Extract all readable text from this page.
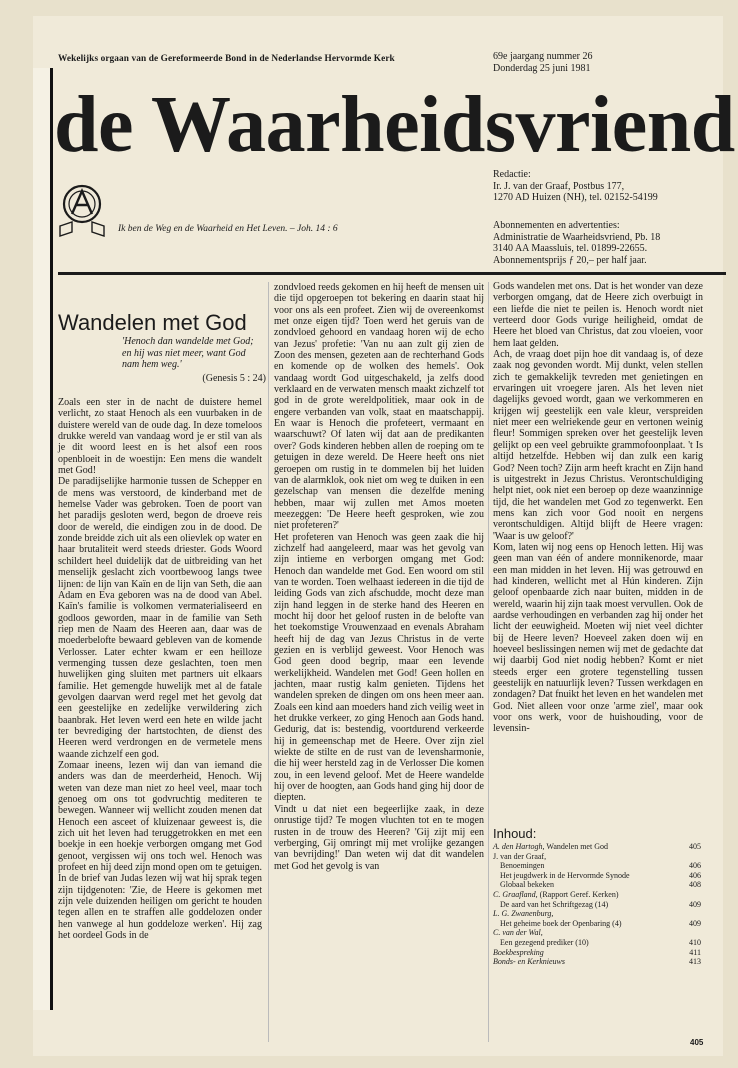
Wekelijks orgaan van de Gereformeerde Bond in de Nederlandse Hervormde Kerk	69e jaargang nummer 26
Donderdag 25 juni 1981
de Waarheidsvriend
Redactie:
Ir. J. van der Graaf, Postbus 177,
1270 AD Huizen (NH), tel. 02152-54199
Ik ben de Weg en de Waarheid en Het Leven. – Joh. 14 : 6	Abonnementen en advertenties:
Administratie de Waarheidsvriend, Pb. 18
3140 AA Maassluis, tel. 01899-22655.
Abonnementsprijs ƒ 20,– per half jaar.
Wandelen met God
'Henoch dan wandelde met God; en hij was niet meer, want God nam hem weg.'
(Genesis 5 : 24)

Zoals een ster in de nacht de duistere hemel verlicht, zo staat Henoch als een vuurbaken in de duistere wereld van de oude dag. In deze tomeloos drukke wereld van vandaag word je er stil van als je dit woord leest en is het alsof een roos openbloeit in de woestijn: Een mens die wandelt met God!

De paradijselijke harmonie tussen de Schepper en de mens was verstoord, de kinderband met de hemelse Vader was gebroken. Toen de poort van het paradijs gesloten werd, begon de droeve reis door de wereld, die eindigen zou in de dood. De zonde breidde zich uit als een olievlek op water en haar brutaliteit werd steeds driester. Gods Woord schildert heel duidelijk dat de uitbreiding van het menselijk geslacht zich voortbewoog langs twee lijnen: de lijn van Kaïn en de lijn van Seth, die aan Adam en Eva geboren was na de dood van Abel. Kaïn's familie is volkomen vermaterialiseerd en godloos geworden, maar in de familie van Seth riep men de Naam des Heeren aan, daar was de moederbelofte bewaard gebleven van de komende Verlosser. Later echter kwam er een heilloze vermenging tussen deze geslachten, toen men huwelijken ging sluiten met partners uit elkaars familie. Het gemengde huwelijk met al de fatale gevolgen daarvan werd regel met het gevolg dat een geestelijke en zedelijke verwildering zich baanbrak. Het leven werd een hete en wilde jacht ter bevrediging der hartstochten, de dienst des Heeren werd verdrongen en de vermetele mens waande zichzelf een god.

Zomaar ineens, lezen wij dan van iemand die anders was dan de meerderheid, Henoch. Wij weten van deze man niet zo heel veel, maar toch genoeg om ons tot godvruchtig mediteren te bewegen. Wanneer wij wellicht zouden menen dat Henoch een asceet of kluizenaar geweest is, die zich uit het leven had teruggetrokken en met een boekje in een hoekje verborgen omgang met God genoot, vergissen wij ons toch wel. Henoch was profeet en hij deed zijn mond open om te getuigen. In de brief van Judas lezen wij wat hij sprak tegen zijn tijdgenoten: 'Zie, de Heere is gekomen met zijn vele duizenden heiligen om gericht te houden tegen allen en te straffen alle goddelozen onder hen vanwege al hun goddeloze werken'. Hij zag het oordeel Gods in de

zondvloed reeds gekomen en hij heeft de mensen uit die tijd opgeroepen tot bekering en daarin staat hij voor ons als een profeet. Zien wij de overeenkomst met onze eigen tijd? Toen werd het geruis van de zondvloed gehoord en vandaag horen wij de echo van Jezus' profetie: 'Van nu aan zult gij zien de Zoon des mensen, gezeten aan de rechterhand Gods en komende op de wolken des hemels'. Ook vandaag wordt God uitgeschakeld, ja zelfs dood verklaard en de verwaten mensch maakt zichzelf tot god in de grote wereldpolitiek, maar ook in de engere verbanden van volk, staat en maatschappij. En waar is Henoch die profeteert, vermaant en waarschuwt? Of laten wij dat aan de predikanten over? Gods kinderen hebben allen de roeping om te getuigen in deze wereld. De Heere heeft ons niet geroepen om rustig in te dommelen bij het luiden van de alarmklok, ook niet om weg te duiken in een gezelschap van mensen die dezelfde mening hebben, maar wij zullen met Amos moeten meezeggen: 'De Heere heeft gesproken, wie zou niet profeteren?'

Het profeteren van Henoch was geen zaak die hij zichzelf had aangeleerd, maar was het gevolg van zijn intieme en verborgen omgang met God: Henoch dan wandelde met God. Een woord om stil van te worden. Toen welhaast iedereen in die tijd de leiding Gods van zich afschudde, mocht deze man zijn hand leggen in de sterke hand des Heeren en mocht hij door het geloof rusten in de belofte van het toekomstige Vrouwenzaad en evenals Abraham heeft hij de dag van Jezus Christus in de verte gezien en is verblijd geweest. Voor Henoch was God geen dood begrip, maar een levende werkelijkheid. Wandelen met God! Geen hollen en jachten, maar rustig kalm genieten. Tijdens het wandelen spreken de dingen om ons heen meer aan. Zoals een kind aan moeders hand zich veilig weet in het drukke verkeer, zo ging Henoch aan Gods hand. Gedurig, dat is: bestendig, voortdurend verkeerde hij in gemeenschap met de Heere. Over zijn ziel wiekte de stilte en de rust van de levensharmonie, die hij weer hersteld zag in de Verlosser Die komen zou, in een levend geloof. Met de Heere wandelde hij over de hoogten, aan Gods hand ging hij door de diepten.

Vindt u dat niet een begeerlijke zaak, in deze onrustige tijd? Te mogen vluchten tot en te mogen rusten in de trouw des Heeren? 'Gij zijt mij een verberging, Gij omringt mij met vrolijke gezangen van bevrijding!' Dan weten wij dat dit wandelen met God het gevolg is van

Gods wandelen met ons. Dat is het wonder van deze verborgen omgang, dat de Heere zich overbuigt in een liefde die niet te peilen is. Henoch wordt niet verteerd door Gods vurige heiligheid, omdat de Heere het bloed van Christus, dat zou vloeien, voor hem laat gelden.

Ach, de vraag doet pijn hoe dit vandaag is, of deze zaak nog gevonden wordt. Mij dunkt, velen stellen zich te gemakkelijk tevreden met genietingen en ervaringen uit vroegere jaren. Als het leven niet dagelijks gevoed wordt, gaan we verkommeren en krijgen wij geestelijk een vale kleur, verspreiden niet meer een welriekende geur en vertonen weinig fleur! Sommigen spreken over het geestelijk leven gelijkt op een veel gebruikte grammofoonplaat. 't Is altijd hetzelfde. Hebben wij dan zulk een karig God? Neen toch? Zijn arm heeft kracht en Zijn hand is uitgestrekt in Jezus Christus. Verontschuldiging helpt niet, ook niet een beroep op deze waanzinnige tijd, die het wandelen met God zo tegenwerkt. Een mens kan zich voor God nooit en nergens verontschuldigen. Altijd blijft de Heere vragen: 'Waar is uw geloof?'

Kom, laten wij nog eens op Henoch letten. Hij was geen man van één of andere monnikenorde, maar een man midden in het leven. Hij was getrouwd en had kinderen, wellicht met al Hún kinderen. Zijn geloof openbaarde zich naar buiten, midden in de wereld, waarin hij zijn taak moest vervullen. Ook de aardse verhoudingen en verbanden zag hij onder het licht der eeuwigheid. Moeten wij niet veel dichter bij de Heere leven? Hoeveel zaken doen wij en hoeveel beslissingen nemen wij met de gedachte dat wij daarbij God niet nodig hebben? Komt er niet steeds erger een grotere tegenstelling tussen geestelijk en natuurlijk leven? Tussen werkdagen en zondagen? Dat fnuikt het leven en het wandelen met God. Niet alleen voor onze 'arme ziel', maar ook voor ons werk, voor de huishouding, voor de levensin-

Inhoud:
A. den Hartogh, Wandelen met God	405
J. van der Graaf,
Benoemingen	406
Het jeugdwerk in de Hervormde Synode	406
Globaal bekeken	408
C. Graafland, (Rapport Geref. Kerken)
De aard van het Schriftgezag (14)	409
L. G. Zwanenburg,
Het geheime boek der Openbaring (4)	409
C. van der Wal,
Een gezegend prediker (10)	410
Boekbespreking	411
Bonds- en Kerknieuws	413
405
